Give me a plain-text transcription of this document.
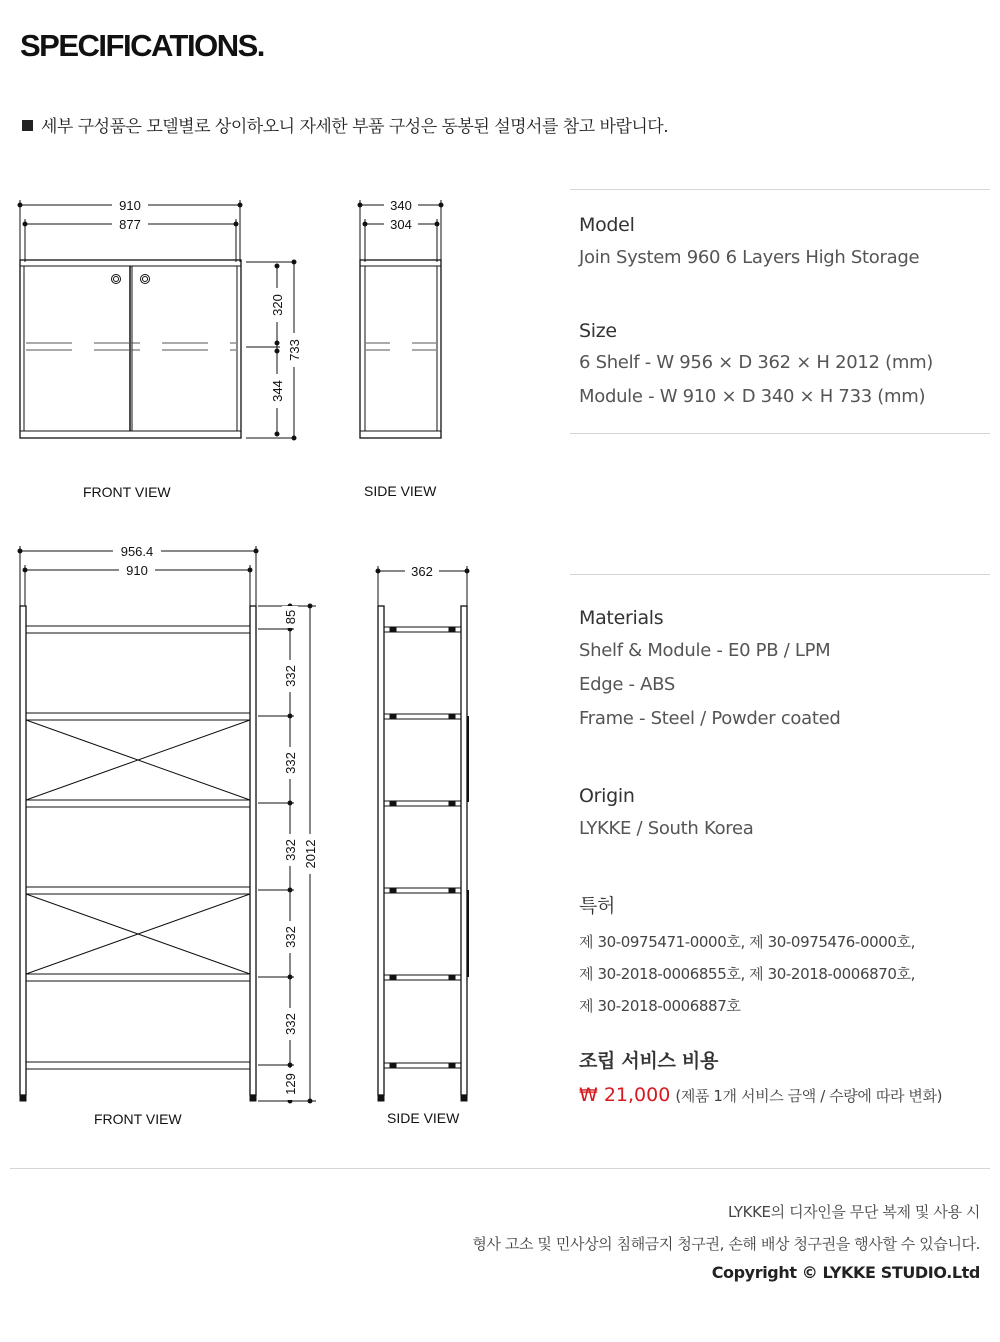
SPECIFICATIONS.
세부 구성품은 모델별로 상이하오니 자세한 부품 구성은 동봉된 설명서를 참고 바랍니다.
910
877
320
344
733
340
304
956.4
910
85
332
332
332
332
332
129
2012
362
FRONT VIEW	SIDE VIEW
FRONT VIEW	SIDE VIEW
Model
Join System 960 6 Layers High Storage
Size
6 Shelf - W 956 × D 362 × H 2012 (mm)
Module - W 910 × D 340 × H 733 (mm)
Materials
Shelf & Module - E0 PB / LPM
Edge - ABS
Frame - Steel / Powder coated
Origin
LYKKE / South Korea
특허
제 30-0975471-0000호, 제 30-0975476-0000호,
제 30-2018-0006855호, 제 30-2018-0006870호,
제 30-2018-0006887호
조립 서비스 비용
₩ 21,000 (제품 1개 서비스 금액 / 수량에 따라 변화)
LYKKE의 디자인을 무단 복제 및 사용 시
형사 고소 및 민사상의 침해금지 청구권, 손해 배상 청구권을 행사할 수 있습니다.
Copyright © LYKKE STUDIO.Ltd
